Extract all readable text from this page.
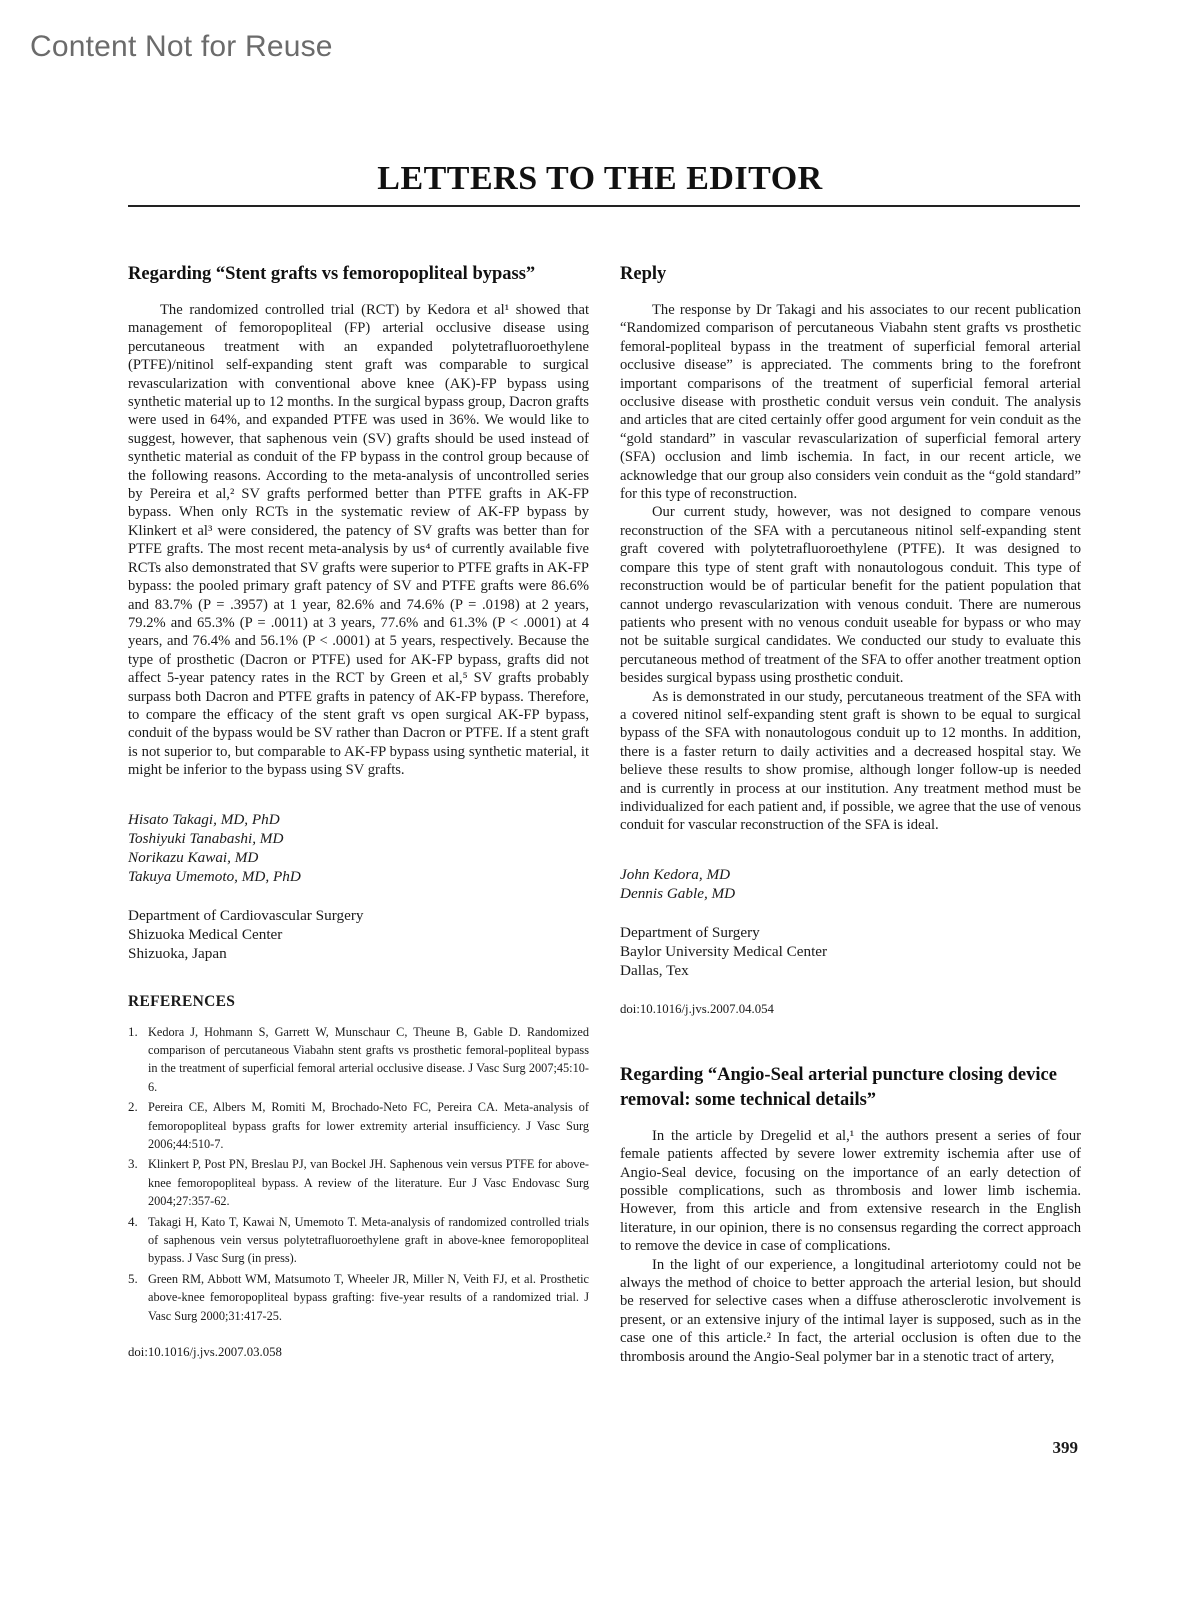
Content Not for Reuse
LETTERS TO THE EDITOR
Regarding “Stent grafts vs femoropopliteal bypass”

The randomized controlled trial (RCT) by Kedora et al¹ showed that management of femoropopliteal (FP) arterial occlusive disease using percutaneous treatment with an expanded polytetrafluoroethylene (PTFE)/nitinol self-expanding stent graft was comparable to surgical revascularization with conventional above knee (AK)-FP bypass using synthetic material up to 12 months. In the surgical bypass group, Dacron grafts were used in 64%, and expanded PTFE was used in 36%. We would like to suggest, however, that saphenous vein (SV) grafts should be used instead of synthetic material as conduit of the FP bypass in the control group because of the following reasons. According to the meta-analysis of uncontrolled series by Pereira et al,² SV grafts performed better than PTFE grafts in AK-FP bypass. When only RCTs in the systematic review of AK-FP bypass by Klinkert et al³ were considered, the patency of SV grafts was better than for PTFE grafts. The most recent meta-analysis by us⁴ of currently available five RCTs also demonstrated that SV grafts were superior to PTFE grafts in AK-FP bypass: the pooled primary graft patency of SV and PTFE grafts were 86.6% and 83.7% (P = .3957) at 1 year, 82.6% and 74.6% (P = .0198) at 2 years, 79.2% and 65.3% (P = .0011) at 3 years, 77.6% and 61.3% (P < .0001) at 4 years, and 76.4% and 56.1% (P < .0001) at 5 years, respectively. Because the type of prosthetic (Dacron or PTFE) used for AK-FP bypass, grafts did not affect 5-year patency rates in the RCT by Green et al,⁵ SV grafts probably surpass both Dacron and PTFE grafts in patency of AK-FP bypass. Therefore, to compare the efficacy of the stent graft vs open surgical AK-FP bypass, conduit of the bypass would be SV rather than Dacron or PTFE. If a stent graft is not superior to, but comparable to AK-FP bypass using synthetic material, it might be inferior to the bypass using SV grafts.

Hisato Takagi, MD, PhD
Toshiyuki Tanabashi, MD
Norikazu Kawai, MD
Takuya Umemoto, MD, PhD
Department of Cardiovascular Surgery
Shizuoka Medical Center
Shizuoka, Japan
REFERENCES
1. Kedora J, Hohmann S, Garrett W, Munschaur C, Theune B, Gable D. Randomized comparison of percutaneous Viabahn stent grafts vs prosthetic femoral-popliteal bypass in the treatment of superficial femoral arterial occlusive disease. J Vasc Surg 2007;45:10-6.
2. Pereira CE, Albers M, Romiti M, Brochado-Neto FC, Pereira CA. Meta-analysis of femoropopliteal bypass grafts for lower extremity arterial insufficiency. J Vasc Surg 2006;44:510-7.
3. Klinkert P, Post PN, Breslau PJ, van Bockel JH. Saphenous vein versus PTFE for above-knee femoropopliteal bypass. A review of the literature. Eur J Vasc Endovasc Surg 2004;27:357-62.
4. Takagi H, Kato T, Kawai N, Umemoto T. Meta-analysis of randomized controlled trials of saphenous vein versus polytetrafluoroethylene graft in above-knee femoropopliteal bypass. J Vasc Surg (in press).
5. Green RM, Abbott WM, Matsumoto T, Wheeler JR, Miller N, Veith FJ, et al. Prosthetic above-knee femoropopliteal bypass grafting: five-year results of a randomized trial. J Vasc Surg 2000;31:417-25.
doi:10.1016/j.jvs.2007.03.058
Reply

The response by Dr Takagi and his associates to our recent publication “Randomized comparison of percutaneous Viabahn stent grafts vs prosthetic femoral-popliteal bypass in the treatment of superficial femoral arterial occlusive disease” is appreciated. The comments bring to the forefront important comparisons of the treatment of superficial femoral arterial occlusive disease with prosthetic conduit versus vein conduit. The analysis and articles that are cited certainly offer good argument for vein conduit as the “gold standard” in vascular revascularization of superficial femoral artery (SFA) occlusion and limb ischemia. In fact, in our recent article, we acknowledge that our group also considers vein conduit as the “gold standard” for this type of reconstruction.

Our current study, however, was not designed to compare venous reconstruction of the SFA with a percutaneous nitinol self-expanding stent graft covered with polytetrafluoroethylene (PTFE). It was designed to compare this type of stent graft with nonautologous conduit. This type of reconstruction would be of particular benefit for the patient population that cannot undergo revascularization with venous conduit. There are numerous patients who present with no venous conduit useable for bypass or who may not be suitable surgical candidates. We conducted our study to evaluate this percutaneous method of treatment of the SFA to offer another treatment option besides surgical bypass using prosthetic conduit.

As is demonstrated in our study, percutaneous treatment of the SFA with a covered nitinol self-expanding stent graft is shown to be equal to surgical bypass of the SFA with nonautologous conduit up to 12 months. In addition, there is a faster return to daily activities and a decreased hospital stay. We believe these results to show promise, although longer follow-up is needed and is currently in process at our institution. Any treatment method must be individualized for each patient and, if possible, we agree that the use of venous conduit for vascular reconstruction of the SFA is ideal.

John Kedora, MD
Dennis Gable, MD
Department of Surgery
Baylor University Medical Center
Dallas, Tex
doi:10.1016/j.jvs.2007.04.054
Regarding “Angio-Seal arterial puncture closing device removal: some technical details”

In the article by Dregelid et al,¹ the authors present a series of four female patients affected by severe lower extremity ischemia after use of Angio-Seal device, focusing on the importance of an early detection of possible complications, such as thrombosis and lower limb ischemia. However, from this article and from extensive research in the English literature, in our opinion, there is no consensus regarding the correct approach to remove the device in case of complications.

In the light of our experience, a longitudinal arteriotomy could not be always the method of choice to better approach the arterial lesion, but should be reserved for selective cases when a diffuse atherosclerotic involvement is present, or an extensive injury of the intimal layer is supposed, such as in the case one of this article.² In fact, the arterial occlusion is often due to the thrombosis around the Angio-Seal polymer bar in a stenotic tract of artery,

399
